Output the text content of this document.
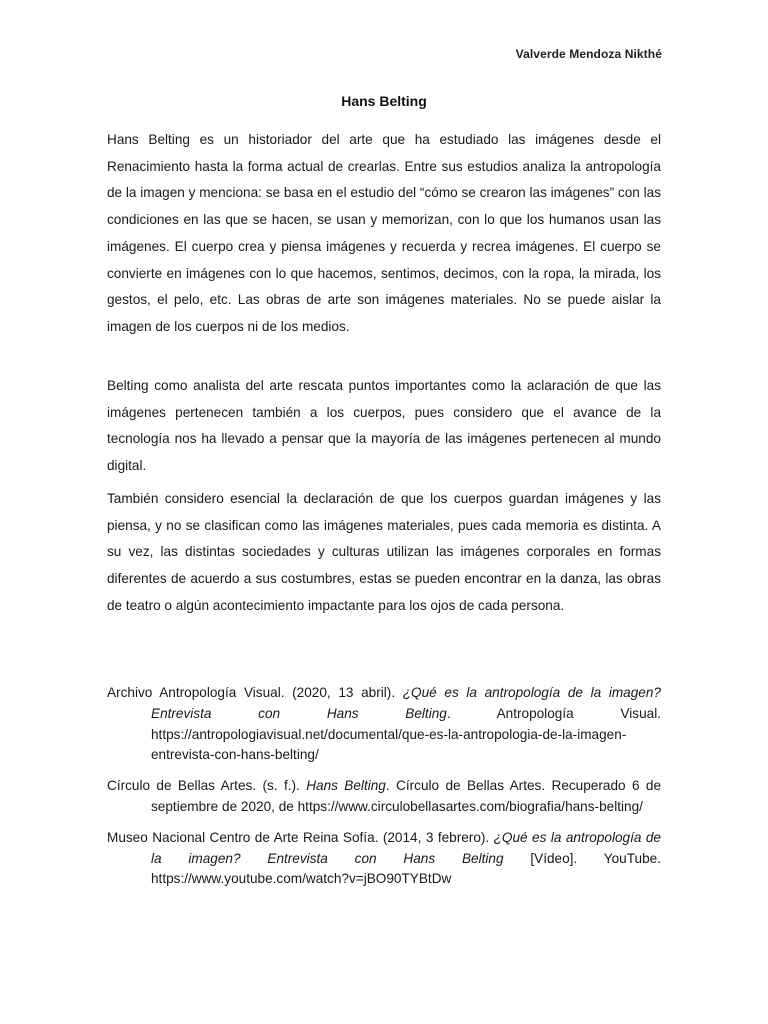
Valverde Mendoza Nikthé
Hans Belting

Hans Belting es un historiador del arte que ha estudiado las imágenes desde el Renacimiento hasta la forma actual de crearlas. Entre sus estudios analiza la antropología de la imagen y menciona: se basa en el estudio del “cómo se crearon las imágenes” con las condiciones en las que se hacen, se usan y memorizan, con lo que los humanos usan las imágenes. El cuerpo crea y piensa imágenes y recuerda y recrea imágenes. El cuerpo se convierte en imágenes con lo que hacemos, sentimos, decimos, con la ropa, la mirada, los gestos, el pelo, etc. Las obras de arte son imágenes materiales. No se puede aislar la imagen de los cuerpos ni de los medios.

Belting como analista del arte rescata puntos importantes como la aclaración de que las imágenes pertenecen también a los cuerpos, pues considero que el avance de la tecnología nos ha llevado a pensar que la mayoría de las imágenes pertenecen al mundo digital.

También considero esencial la declaración de que los cuerpos guardan imágenes y las piensa, y no se clasifican como las imágenes materiales, pues cada memoria es distinta. A su vez, las distintas sociedades y culturas utilizan las imágenes corporales en formas diferentes de acuerdo a sus costumbres, estas se pueden encontrar en la danza, las obras de teatro o algún acontecimiento impactante para los ojos de cada persona.

Archivo Antropología Visual. (2020, 13 abril). ¿Qué es la antropología de la imagen? Entrevista con Hans Belting. Antropología Visual. https://antropologiavisual.net/documental/que-es-la-antropologia-de-la-imagen-entrevista-con-hans-belting/
Círculo de Bellas Artes. (s. f.). Hans Belting. Círculo de Bellas Artes. Recuperado 6 de septiembre de 2020, de https://www.circulobellasartes.com/biografia/hans-belting/
Museo Nacional Centro de Arte Reina Sofía. (2014, 3 febrero). ¿Qué es la antropología de la imagen? Entrevista con Hans Belting [Vídeo]. YouTube. https://www.youtube.com/watch?v=jBO90TYBtDw
